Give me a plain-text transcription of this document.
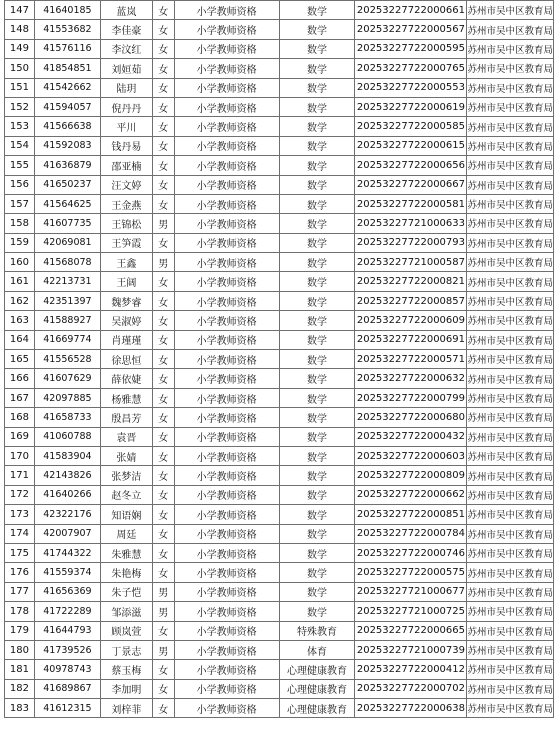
147	41640185	蓝岚	女	小学教师资格	数学	20253227722000661	苏州市吴中区教育局
148	41553682	李佳豪	女	小学教师资格	数学	20253227722000567	苏州市吴中区教育局
149	41576116	李汶红	女	小学教师资格	数学	20253227722000595	苏州市吴中区教育局
150	41854851	刘姮茹	女	小学教师资格	数学	20253227722000765	苏州市吴中区教育局
151	41542662	陆玥	女	小学教师资格	数学	20253227722000553	苏州市吴中区教育局
152	41594057	倪丹丹	女	小学教师资格	数学	20253227722000619	苏州市吴中区教育局
153	41566638	平川	女	小学教师资格	数学	20253227722000585	苏州市吴中区教育局
154	41592083	钱丹易	女	小学教师资格	数学	20253227722000615	苏州市吴中区教育局
155	41636879	邵亚楠	女	小学教师资格	数学	20253227722000656	苏州市吴中区教育局
156	41650237	汪文婷	女	小学教师资格	数学	20253227722000667	苏州市吴中区教育局
157	41564625	王金燕	女	小学教师资格	数学	20253227722000581	苏州市吴中区教育局
158	41607735	王锦松	男	小学教师资格	数学	20253227721000633	苏州市吴中区教育局
159	42069081	王笋霞	女	小学教师资格	数学	20253227722000793	苏州市吴中区教育局
160	41568078	王鑫	男	小学教师资格	数学	20253227721000587	苏州市吴中区教育局
161	42213731	王阔	女	小学教师资格	数学	20253227722000821	苏州市吴中区教育局
162	42351397	魏梦睿	女	小学教师资格	数学	20253227722000857	苏州市吴中区教育局
163	41588927	吴淑婷	女	小学教师资格	数学	20253227722000609	苏州市吴中区教育局
164	41669774	肖瑾瑾	女	小学教师资格	数学	20253227722000691	苏州市吴中区教育局
165	41556528	徐思恒	女	小学教师资格	数学	20253227722000571	苏州市吴中区教育局
166	41607629	薛依婕	女	小学教师资格	数学	20253227722000632	苏州市吴中区教育局
167	42097885	杨雅慧	女	小学教师资格	数学	20253227722000799	苏州市吴中区教育局
168	41658733	殷昌芳	女	小学教师资格	数学	20253227722000680	苏州市吴中区教育局
169	41060788	袁晋	女	小学教师资格	数学	20253227722000432	苏州市吴中区教育局
170	41583904	张婧	女	小学教师资格	数学	20253227722000603	苏州市吴中区教育局
171	42143826	张梦洁	女	小学教师资格	数学	20253227722000809	苏州市吴中区教育局
172	41640266	赵冬立	女	小学教师资格	数学	20253227722000662	苏州市吴中区教育局
173	42322176	知语娴	女	小学教师资格	数学	20253227722000851	苏州市吴中区教育局
174	42007907	周廷	女	小学教师资格	数学	20253227722000784	苏州市吴中区教育局
175	41744322	朱雅慧	女	小学教师资格	数学	20253227722000746	苏州市吴中区教育局
176	41559374	朱艳梅	女	小学教师资格	数学	20253227722000575	苏州市吴中区教育局
177	41656369	朱子恺	男	小学教师资格	数学	20253227721000677	苏州市吴中区教育局
178	41722289	邹添滋	男	小学教师资格	数学	20253227721000725	苏州市吴中区教育局
179	41644793	顾岚萱	女	小学教师资格	特殊教育	20253227722000665	苏州市吴中区教育局
180	41739526	丁景志	男	小学教师资格	体育	20253227721000739	苏州市吴中区教育局
181	40978743	蔡玉梅	女	小学教师资格	心理健康教育	20253227722000412	苏州市吴中区教育局
182	41689867	李加明	女	小学教师资格	心理健康教育	20253227722000702	苏州市吴中区教育局
183	41612315	刘梓菲	女	小学教师资格	心理健康教育	20253227722000638	苏州市吴中区教育局
